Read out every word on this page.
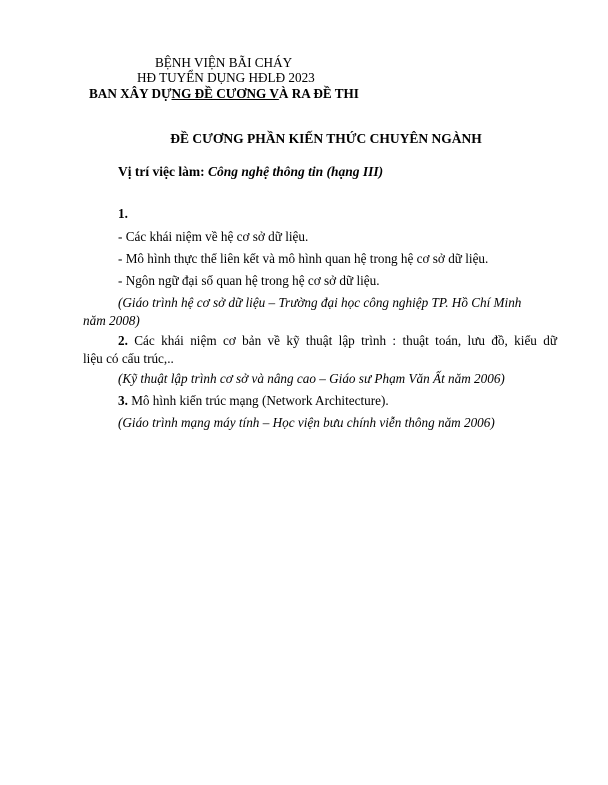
BỆNH VIỆN BÃI CHÁY
HĐ TUYỂN DỤNG HĐLĐ 2023
BAN XÂY DỰNG ĐỀ CƯƠNG VÀ RA ĐỀ THI
ĐỀ CƯƠNG PHẦN KIẾN THỨC CHUYÊN NGÀNH
Vị trí việc làm: Công nghệ thông tin (hạng III)
1.
- Các khái niệm về hệ cơ sở dữ liệu.
- Mô hình thực thể liên kết và mô hình quan hệ trong hệ cơ sở dữ liệu.
- Ngôn ngữ đại số quan hệ trong hệ cơ sở dữ liệu.
(Giáo trình hệ cơ sở dữ liệu – Trường đại học công nghiệp TP. Hồ Chí Minh
năm 2008)
2. Các khái niệm cơ bản về kỹ thuật lập trình : thuật toán, lưu đồ, kiểu dữ
liệu có cấu trúc,..
(Kỹ thuật lập trình cơ sở và nâng cao – Giáo sư Phạm Văn Ất năm 2006)
3. Mô hình kiến trúc mạng (Network Architecture).
(Giáo trình mạng máy tính – Học viện bưu chính viễn thông năm 2006)
